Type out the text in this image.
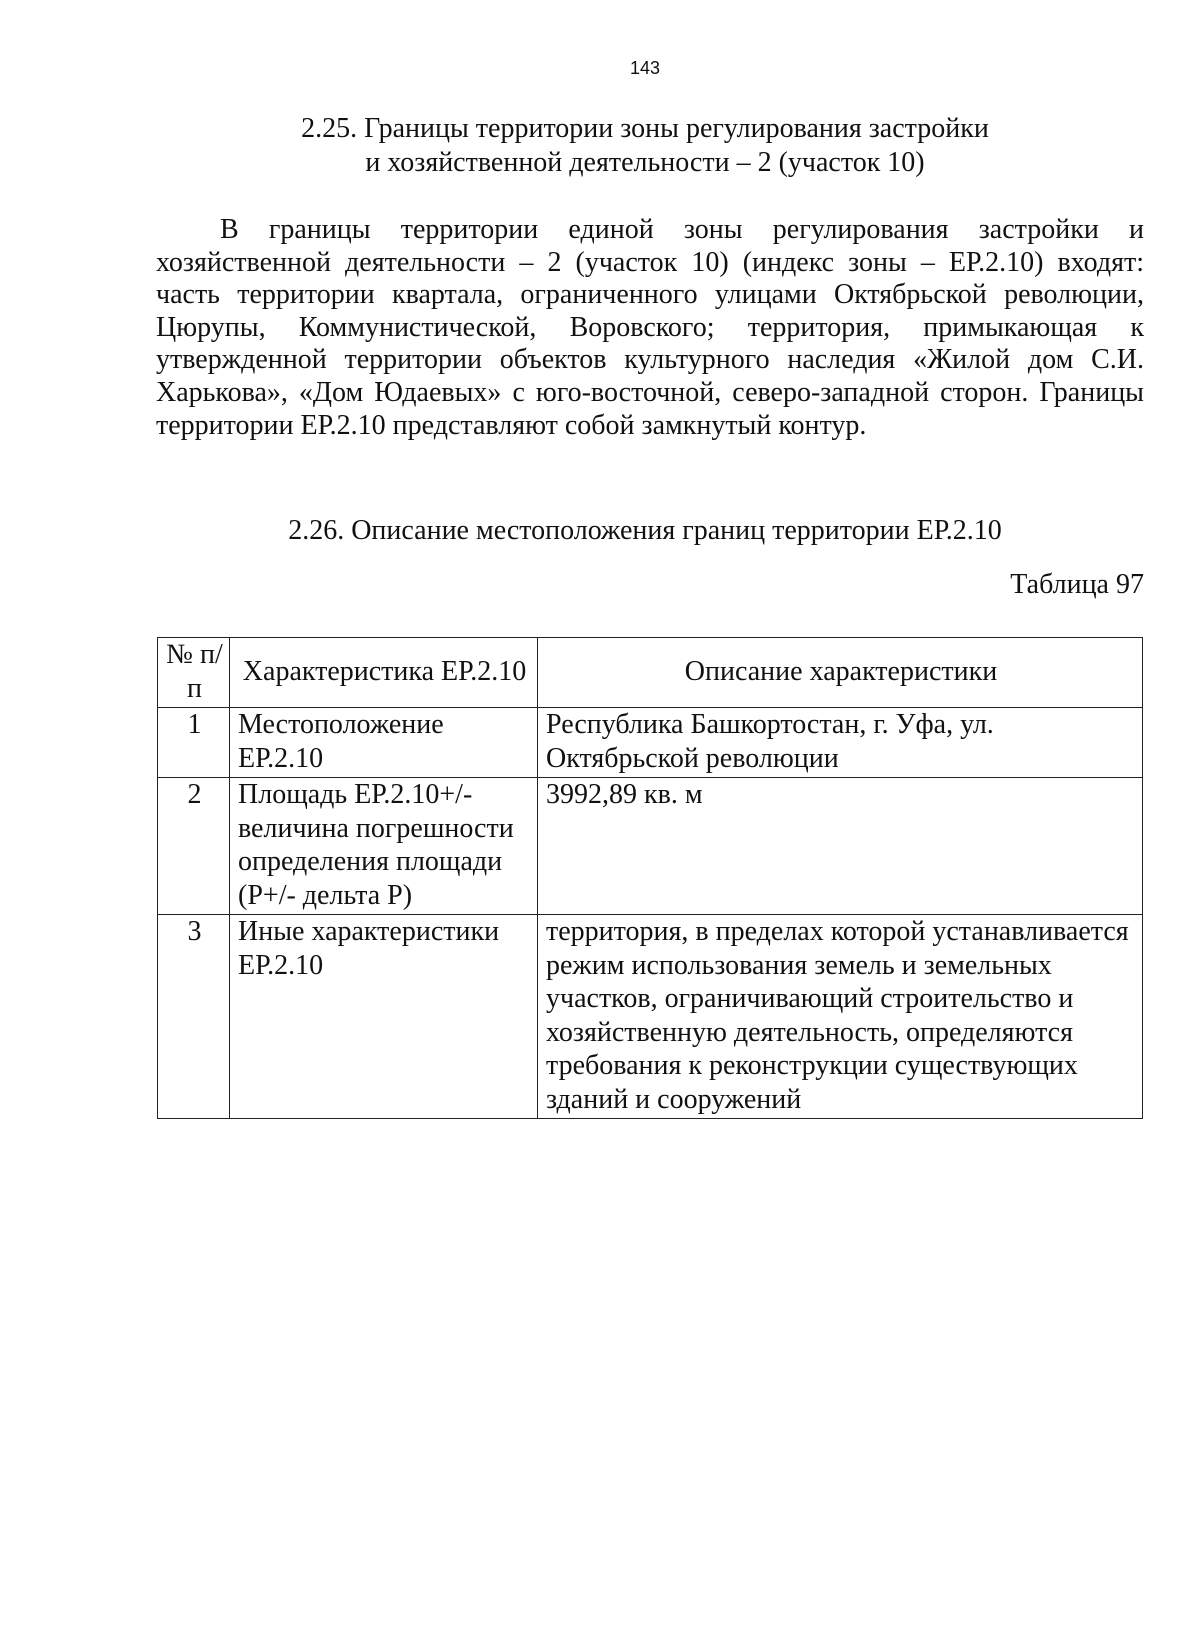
143
2.25. Границы территории зоны регулирования застройки
и хозяйственной деятельности – 2 (участок 10)
В границы территории единой зоны регулирования застройки и хозяйственной деятельности – 2 (участок 10) (индекс зоны – ЕР.2.10) входят: часть территории квартала, ограниченного улицами Октябрьской революции, Цюрупы, Коммунистической, Воровского; территория, примыкающая к утвержденной территории объектов культурного наследия «Жилой дом С.И. Харькова», «Дом Юдаевых» с юго-восточной, северо-западной сторон. Границы территории ЕР.2.10 представляют собой замкнутый контур.
2.26. Описание местоположения границ территории ЕР.2.10
Таблица 97
№ п/п	Характеристика ЕР.2.10	Описание характеристики
1	Местоположение ЕР.2.10	Республика Башкортостан, г. Уфа, ул. Октябрьской революции
2	Площадь ЕР.2.10+/- величина погрешности определения площади (Р+/- дельта Р)	3992,89 кв. м
3	Иные характеристики ЕР.2.10	территория, в пределах которой устанавливается режим использования земель и земельных участков, ограничивающий строительство и хозяйственную деятельность, определяются требования к реконструкции существующих зданий и сооружений
